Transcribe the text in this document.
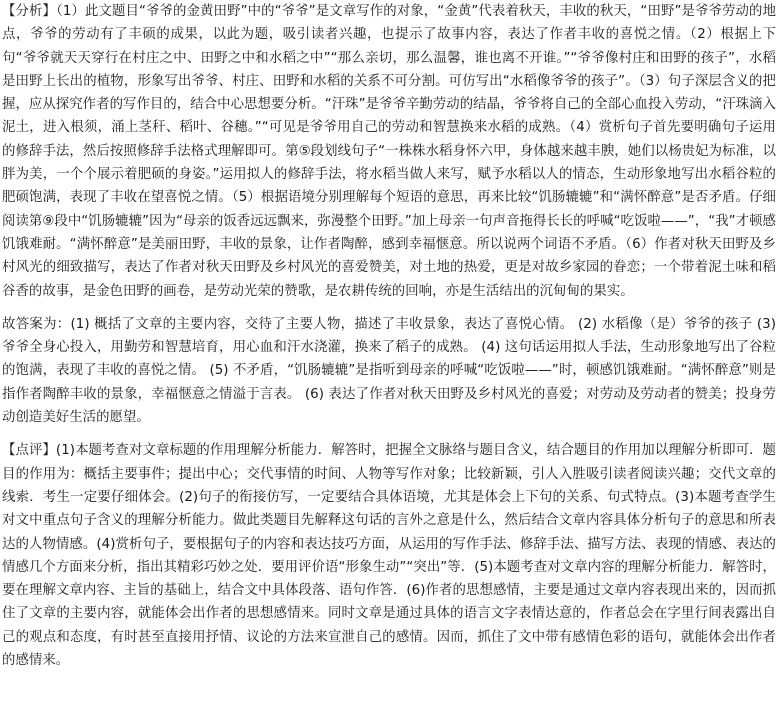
【分析】（1）此文题目“爷爷的金黄田野”中的“爷爷”是文章写作的对象，“金黄”代表着秋天，丰收的秋天，“田野”是爷爷劳动的地点，爷爷的劳动有了丰硕的成果，以此为题，吸引读者兴趣，也提示了故事内容，表达了作者丰收的喜悦之情。（2）根据上下句“爷爷就天天穿行在村庄之中、田野之中和水稻之中”“那么亲切，那么温馨，谁也离不开谁。”“爷爷像村庄和田野的孩子”，水稻是田野上长出的植物，形象写出爷爷、村庄、田野和水稻的关系不可分割。可仿写出“水稻像爷爷的孩子”。（3）句子深层含义的把握，应从探究作者的写作目的，结合中心思想要分析。“汗珠”是爷爷辛勤劳动的结晶，爷爷将自己的全部心血投入劳动，“汗珠滴入泥土，进入根须，涌上茎秆、稻叶、谷穗。”“可见是爷爷用自己的劳动和智慧换来水稻的成熟。（4）赏析句子首先要明确句子运用的修辞手法，然后按照修辞手法格式理解即可。第⑤段划线句子“一株株水稻身怀六甲，身体越来越丰腴，她们以杨贵妃为标准，以胖为美，一个个展示着肥硕的身姿。”运用拟人的修辞手法，将水稻当做人来写，赋予水稻以人的情态，生动形象地写出水稻谷粒的肥硕饱满，表现了丰收在望喜悦之情。（5）根据语境分别理解每个短语的意思，再来比较“饥肠辘辘”和“满怀醉意”是否矛盾。仔细阅读第⑨段中“饥肠辘辘”因为“母亲的饭香远远飘来，弥漫整个田野。”加上母亲一句声音拖得长长的呼喊“吃饭啦——”，“我”才顿感饥饿难耐。“满怀醉意”是美丽田野，丰收的景象，让作者陶醉，感到幸福惬意。所以说两个词语不矛盾。（6）作者对秋天田野及乡村风光的细致描写，表达了作者对秋天田野及乡村风光的喜爱赞美，对土地的热爱，更是对故乡家园的眷恋；一个带着泥土味和稻谷香的故事，是金色田野的画卷，是劳动光荣的赞歌，是农耕传统的回响，亦是生活结出的沉甸甸的果实。

故答案为：(1) 概括了文章的主要内容，交待了主要人物，描述了丰收景象，表达了喜悦心情。 (2) 水稻像（是）爷爷的孩子 (3) 爷爷全身心投入，用勤劳和智慧培育，用心血和汗水浇灌，换来了稻子的成熟。 (4) 这句话运用拟人手法，生动形象地写出了谷粒的饱满，表现了丰收的喜悦之情。 (5) 不矛盾，“饥肠辘辘”是指听到母亲的呼喊“吃饭啦——”时，顿感饥饿难耐。“满怀醉意”则是指作者陶醉丰收的景象，幸福惬意之情溢于言表。 (6) 表达了作者对秋天田野及乡村风光的喜爱；对劳动及劳动者的赞美；投身劳动创造美好生活的愿望。

【点评】(1)本题考查对文章标题的作用理解分析能力．解答时，把握全文脉络与题目含义，结合题目的作用加以理解分析即可．题目的作用为：概括主要事件；提出中心；交代事情的时间、人物等写作对象；比较新颖，引人入胜吸引读者阅读兴趣；交代文章的线索．考生一定要仔细体会。(2)句子的衔接仿写，一定要结合具体语境，尤其是体会上下句的关系、句式特点。(3)本题考查学生对文中重点句子含义的理解分析能力。做此类题目先解释这句话的言外之意是什么，然后结合文章内容具体分析句子的意思和所表达的人物情感。(4)赏析句子，要根据句子的内容和表达技巧方面，从运用的写作手法、修辞手法、描写方法、表现的情感、表达的情感几个方面来分析，指出其精彩巧妙之处．要用评价语“形象生动”“突出”等．(5)本题考查对文章内容的理解分析能力．解答时，要在理解文章内容、主旨的基础上，结合文中具体段落、语句作答．(6)作者的思想感情，主要是通过文章内容表现出来的，因而抓住了文章的主要内容，就能体会出作者的思想感情来。同时文章是通过具体的语言文字表情达意的，作者总会在字里行间表露出自己的观点和态度，有时甚至直接用抒情、议论的方法来宣泄自己的感情。因而，抓住了文中带有感情色彩的语句，就能体会出作者的感情来。
